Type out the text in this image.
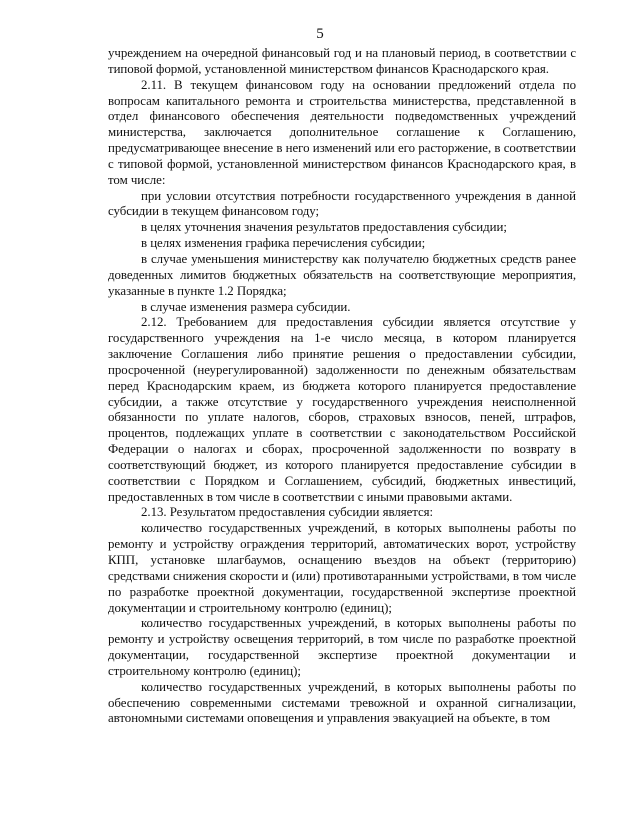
5

учреждением на очередной финансовый год и на плановый период, в соответствии с типовой формой, установленной министерством финансов Краснодарского края.

2.11. В текущем финансовом году на основании предложений отдела по вопросам капитального ремонта и строительства министерства, представленной в отдел финансового обеспечения деятельности подведомственных учреждений министерства, заключается дополнительное соглашение к Соглашению, предусматривающее внесение в него изменений или его расторжение, в соответствии с типовой формой, установленной министерством финансов Краснодарского края, в том числе:

при условии отсутствия потребности государственного учреждения в данной субсидии в текущем финансовом году;

в целях уточнения значения результатов предоставления субсидии;

в целях изменения графика перечисления субсидии;

в случае уменьшения министерству как получателю бюджетных средств ранее доведенных лимитов бюджетных обязательств на соответствующие мероприятия, указанные в пункте 1.2 Порядка;

в случае изменения размера субсидии.

2.12. Требованием для предоставления субсидии является отсутствие у государственного учреждения на 1-е число месяца, в котором планируется заключение Соглашения либо принятие решения о предоставлении субсидии, просроченной (неурегулированной) задолженности по денежным обязательствам перед Краснодарским краем, из бюджета которого планируется предоставление субсидии, а также отсутствие у государственного учреждения неисполненной обязанности по уплате налогов, сборов, страховых взносов, пеней, штрафов, процентов, подлежащих уплате в соответствии с законодательством Российской Федерации о налогах и сборах, просроченной задолженности по возврату в соответствующий бюджет, из которого планируется предоставление субсидии в соответствии с Порядком и Соглашением, субсидий, бюджетных инвестиций, предоставленных в том числе в соответствии с иными правовыми актами.

2.13. Результатом предоставления субсидии является:

количество государственных учреждений, в которых выполнены работы по ремонту и устройству ограждения территорий, автоматических ворот, устройству КПП, установке шлагбаумов, оснащению въездов на объект (территорию) средствами снижения скорости и (или) противотаранными устройствами, в том числе по разработке проектной документации, государственной экспертизе проектной документации и строительному контролю (единиц);

количество государственных учреждений, в которых выполнены работы по ремонту и устройству освещения территорий, в том числе по разработке проектной документации, государственной экспертизе проектной документации и строительному контролю (единиц);

количество государственных учреждений, в которых выполнены работы по обеспечению современными системами тревожной и охранной сигнализации, автономными системами оповещения и управления эвакуацией на объекте, в том
